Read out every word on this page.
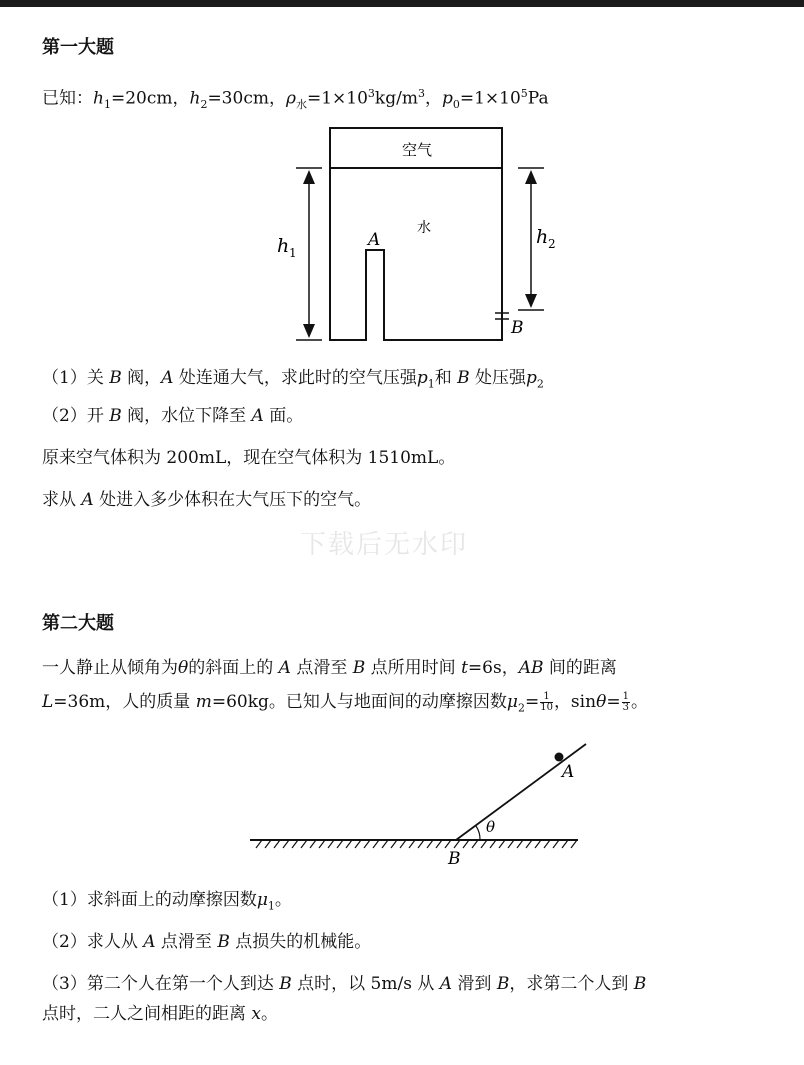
第一大题
已知：$h_1=20cm$，$h_2=30cm$，$\rho_水=1\times 10^3kg/m^3$，$p_0=1\times 10^5Pa$
空气
水
A
B
h 1
h 2
（1）关 B 阀，A 处连通大气，求此时的空气压强$p_1$和 B 处压强$p_2$
（2）开 B 阀，水位下降至 A 面。
原来空气体积为 200mL，现在空气体积为 1510mL。
求从 A 处进入多少体积在大气压下的空气。
下载后无水印
第二大题
一人静止从倾角为θ的斜面上的 A 点滑至 B 点所用时间 t=6s，AB 间的距离
L=36m，人的质量 m=60kg。已知人与地面间的动摩擦因数$\mu_2= \frac{1}{10}$ ，$\sin\theta= \frac{1}{3}$ 。
A
B
θ
（1）求斜面上的动摩擦因数$\mu_1$。
（2）求人从 A 点滑至 B 点损失的机械能。
（3）第二个人在第一个人到达 B 点时，以 5m/s 从 A 滑到 B，求第二个人到 B
点时，二人之间相距的距离 x。
